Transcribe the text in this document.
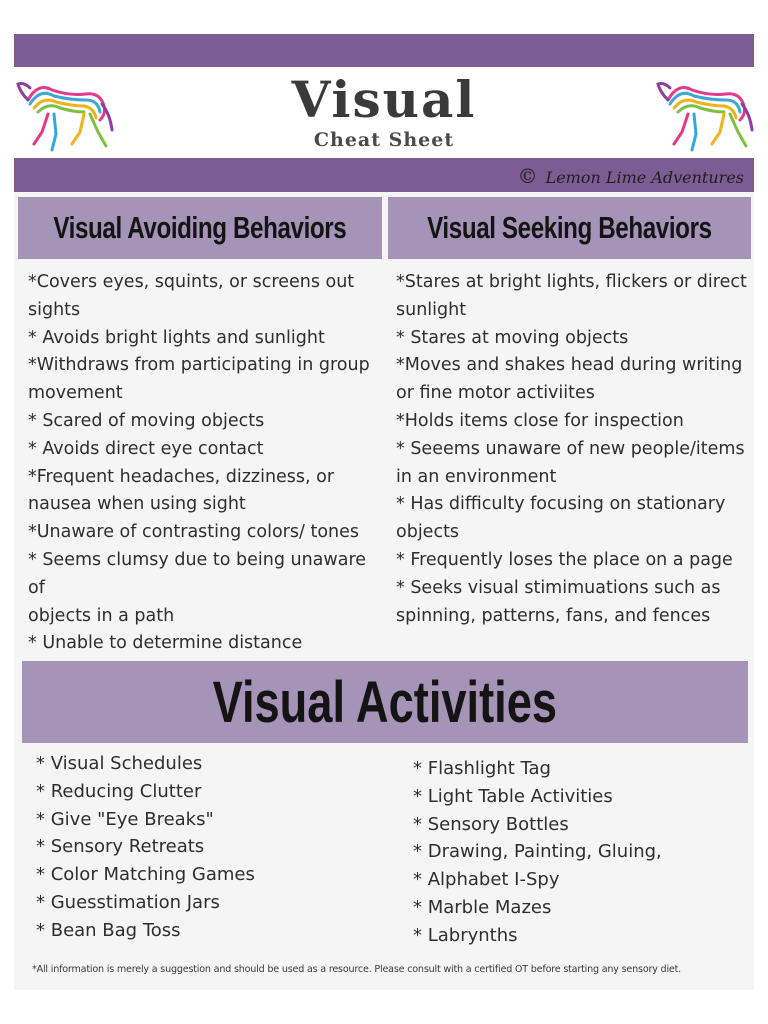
Visual
Cheat Sheet
© Lemon Lime Adventures
Visual Avoiding Behaviors	Visual Seeking Behaviors
*Covers eyes, squints, or screens out sights
* Avoids bright lights and sunlight
*Withdraws from participating in group
movement
* Scared of moving objects
* Avoids direct eye contact
*Frequent headaches, dizziness, or
nausea when using sight
*Unaware of contrasting colors/ tones
* Seems clumsy due to being unaware of
objects in a path
* Unable to determine distance
*Stares at bright lights, flickers or direct
sunlight
* Stares at moving objects
*Moves and shakes head during writing
or fine motor activiites
*Holds items close for inspection
* Seeems unaware of new people/items
in an environment
* Has difficulty focusing on stationary
objects
* Frequently loses the place on a page
* Seeks visual stimimuations such as
spinning, patterns, fans, and fences
Visual Activities
* Visual Schedules
* Reducing Clutter
* Give "Eye Breaks"
* Sensory Retreats
* Color Matching Games
* Guesstimation Jars
* Bean Bag Toss
* Flashlight Tag
* Light Table Activities
* Sensory Bottles
* Drawing, Painting, Gluing,
* Alphabet I-Spy
* Marble Mazes
* Labrynths
*All information is merely a suggestion and should be used as a resource. Please consult with a certified OT before starting any sensory diet.
